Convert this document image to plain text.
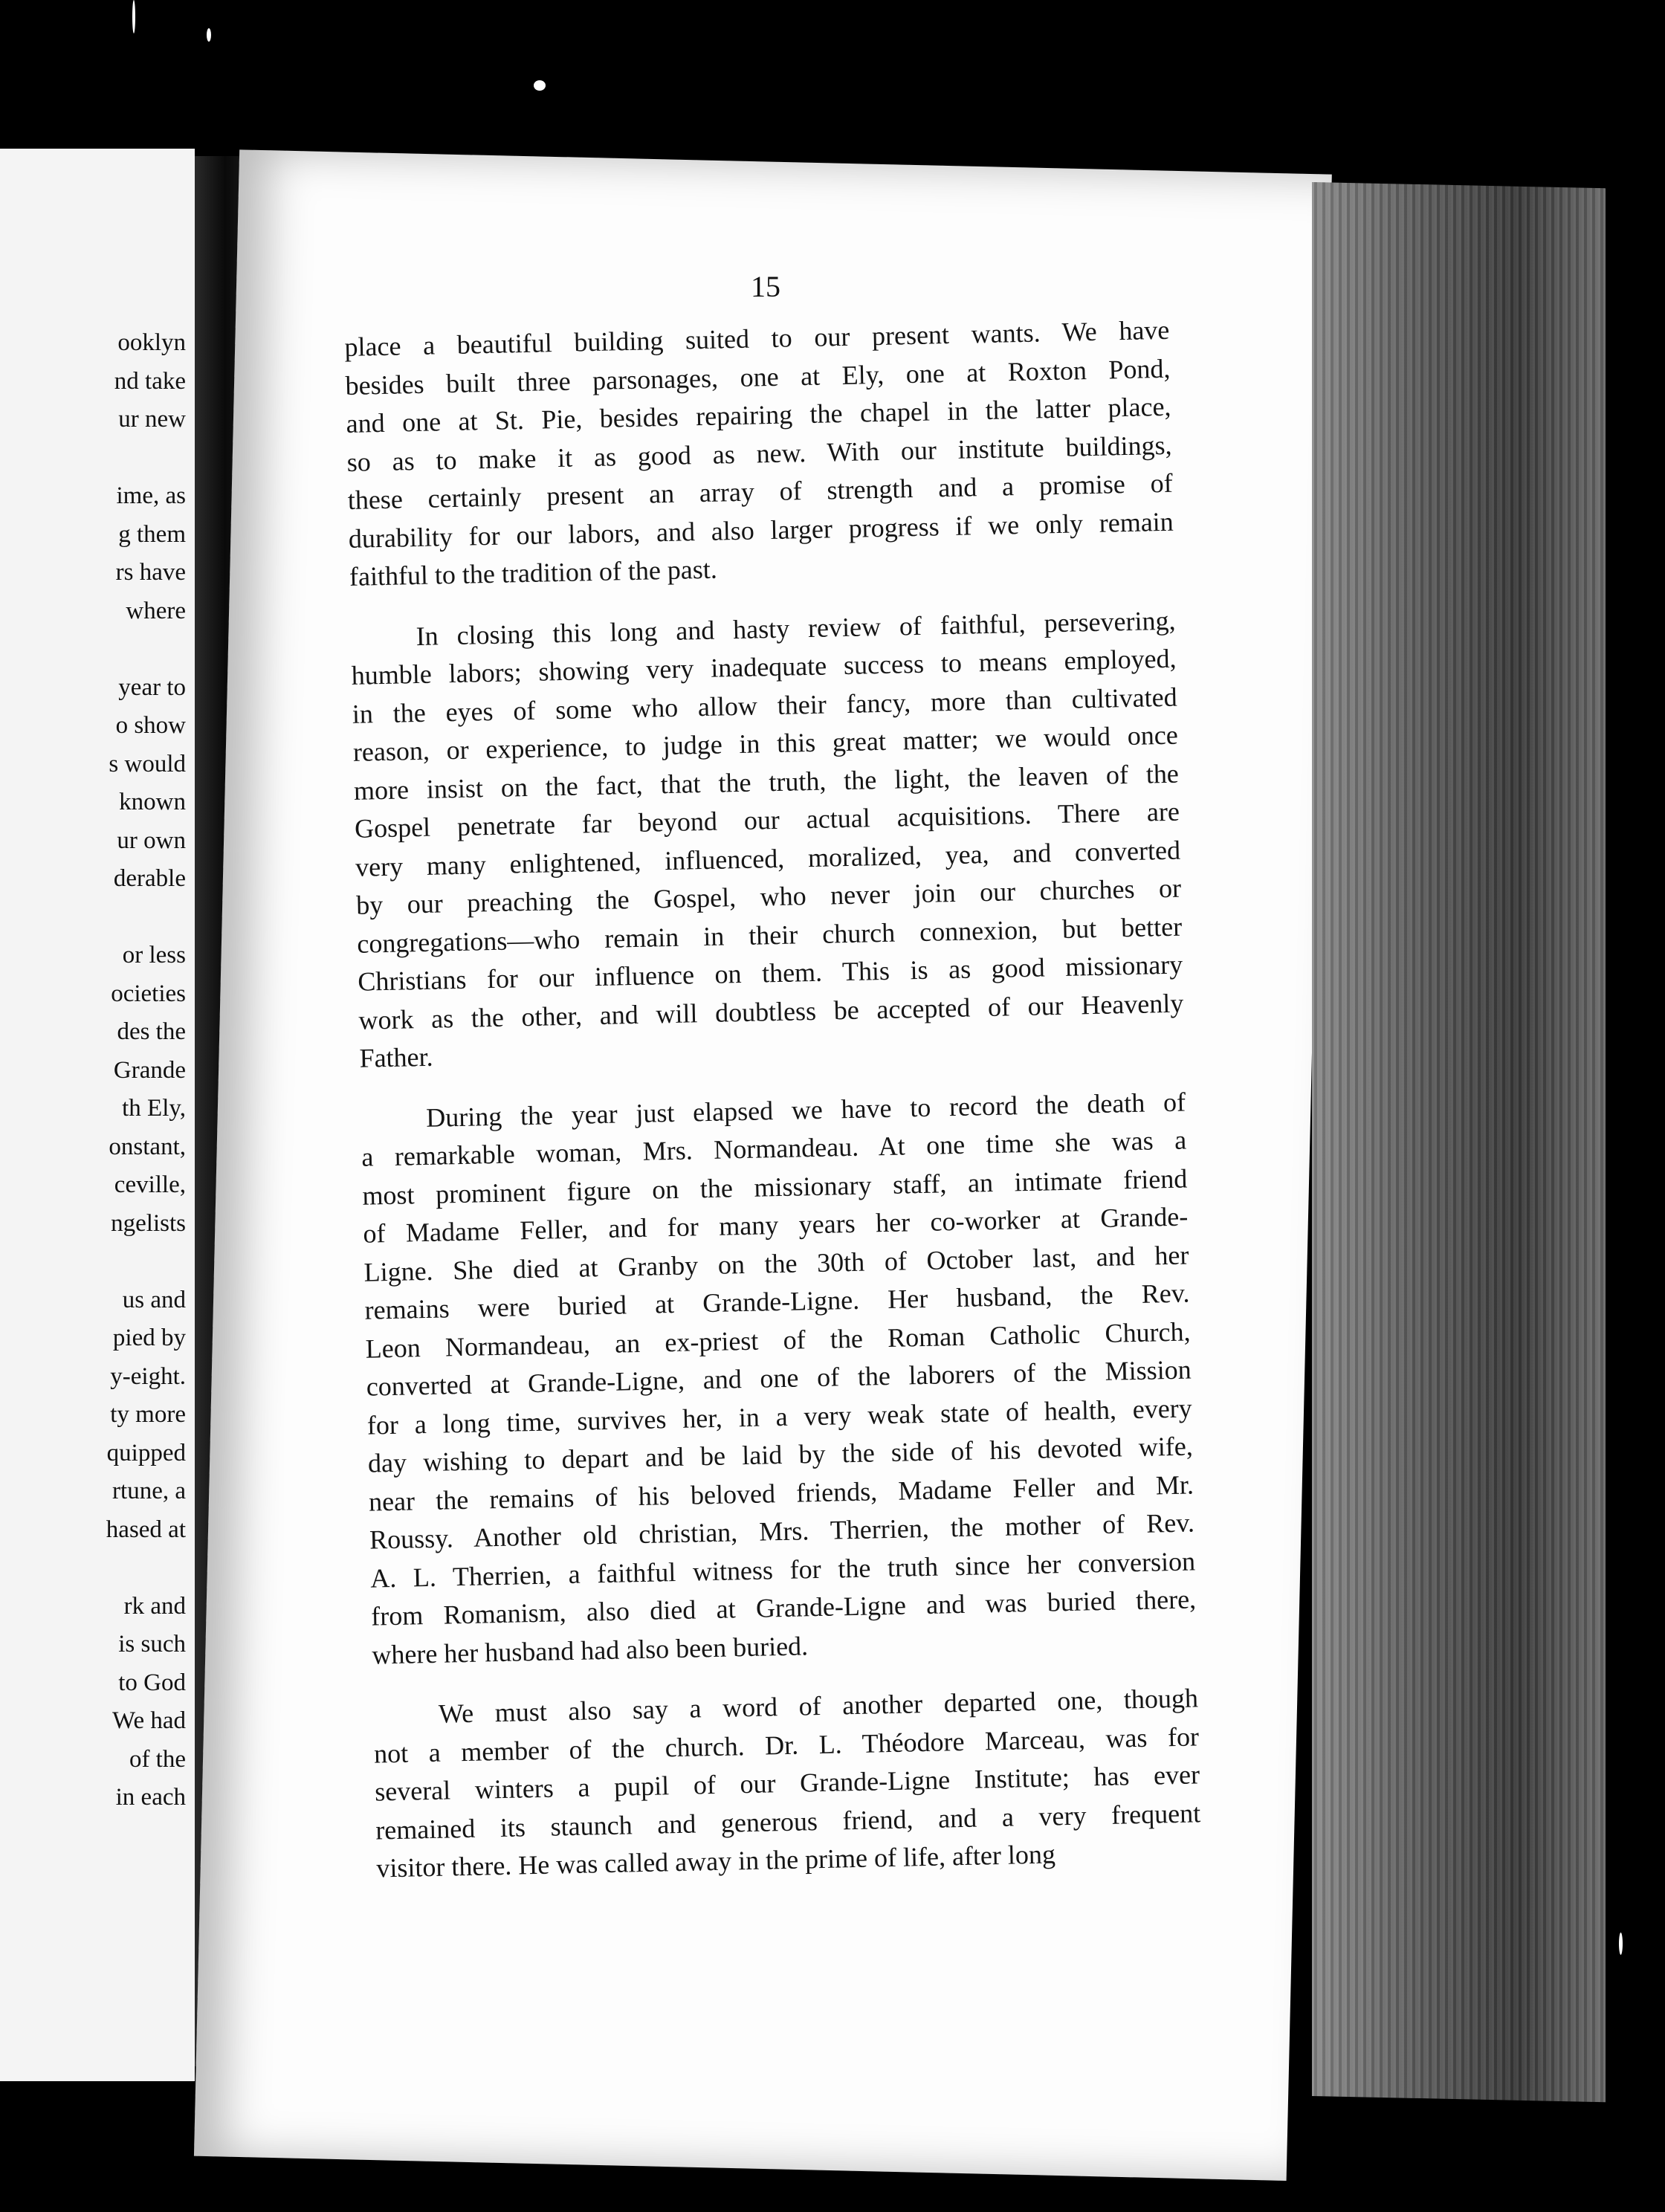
ooklyn
nd take
ur new
ime, as
g them
rs have
where
year to
o show
s would
known
ur own
derable
or less
ocieties
des the
Grande
th Ely,
onstant,
ceville,
ngelists
us and
pied by
y-eight.
ty more
quipped
rtune, a
hased at
rk and
is such
to God
We had
of the
in each
15
place a beautiful building suited to our present wants. We have
besides built three parsonages, one at Ely, one at Roxton Pond,
and one at St. Pie, besides repairing the chapel in the latter place,
so as to make it as good as new. With our institute buildings,
these certainly present an array of strength and a promise of
durability for our labors, and also larger progress if we only remain
faithful to the tradition of the past.
In closing this long and hasty review of faithful, persevering,
humble labors; showing very inadequate success to means employed,
in the eyes of some who allow their fancy, more than cultivated
reason, or experience, to judge in this great matter; we would once
more insist on the fact, that the truth, the light, the leaven of the
Gospel penetrate far beyond our actual acquisitions. There are
very many enlightened, influenced, moralized, yea, and converted
by our preaching the Gospel, who never join our churches or
congregations—who remain in their church connexion, but better
Christians for our influence on them. This is as good missionary
work as the other, and will doubtless be accepted of our Heavenly
Father.
During the year just elapsed we have to record the death of
a remarkable woman, Mrs. Normandeau. At one time she was a
most prominent figure on the missionary staff, an intimate friend
of Madame Feller, and for many years her co-worker at Grande-
Ligne. She died at Granby on the 30th of October last, and her
remains were buried at Grande-Ligne. Her husband, the Rev.
Leon Normandeau, an ex-priest of the Roman Catholic Church,
converted at Grande-Ligne, and one of the laborers of the Mission
for a long time, survives her, in a very weak state of health, every
day wishing to depart and be laid by the side of his devoted wife,
near the remains of his beloved friends, Madame Feller and Mr.
Roussy. Another old christian, Mrs. Therrien, the mother of Rev.
A. L. Therrien, a faithful witness for the truth since her conversion
from Romanism, also died at Grande-Ligne and was buried there,
where her husband had also been buried.
We must also say a word of another departed one, though
not a member of the church. Dr. L. Théodore Marceau, was for
several winters a pupil of our Grande-Ligne Institute; has ever
remained its staunch and generous friend, and a very frequent
visitor there. He was called away in the prime of life, after long
